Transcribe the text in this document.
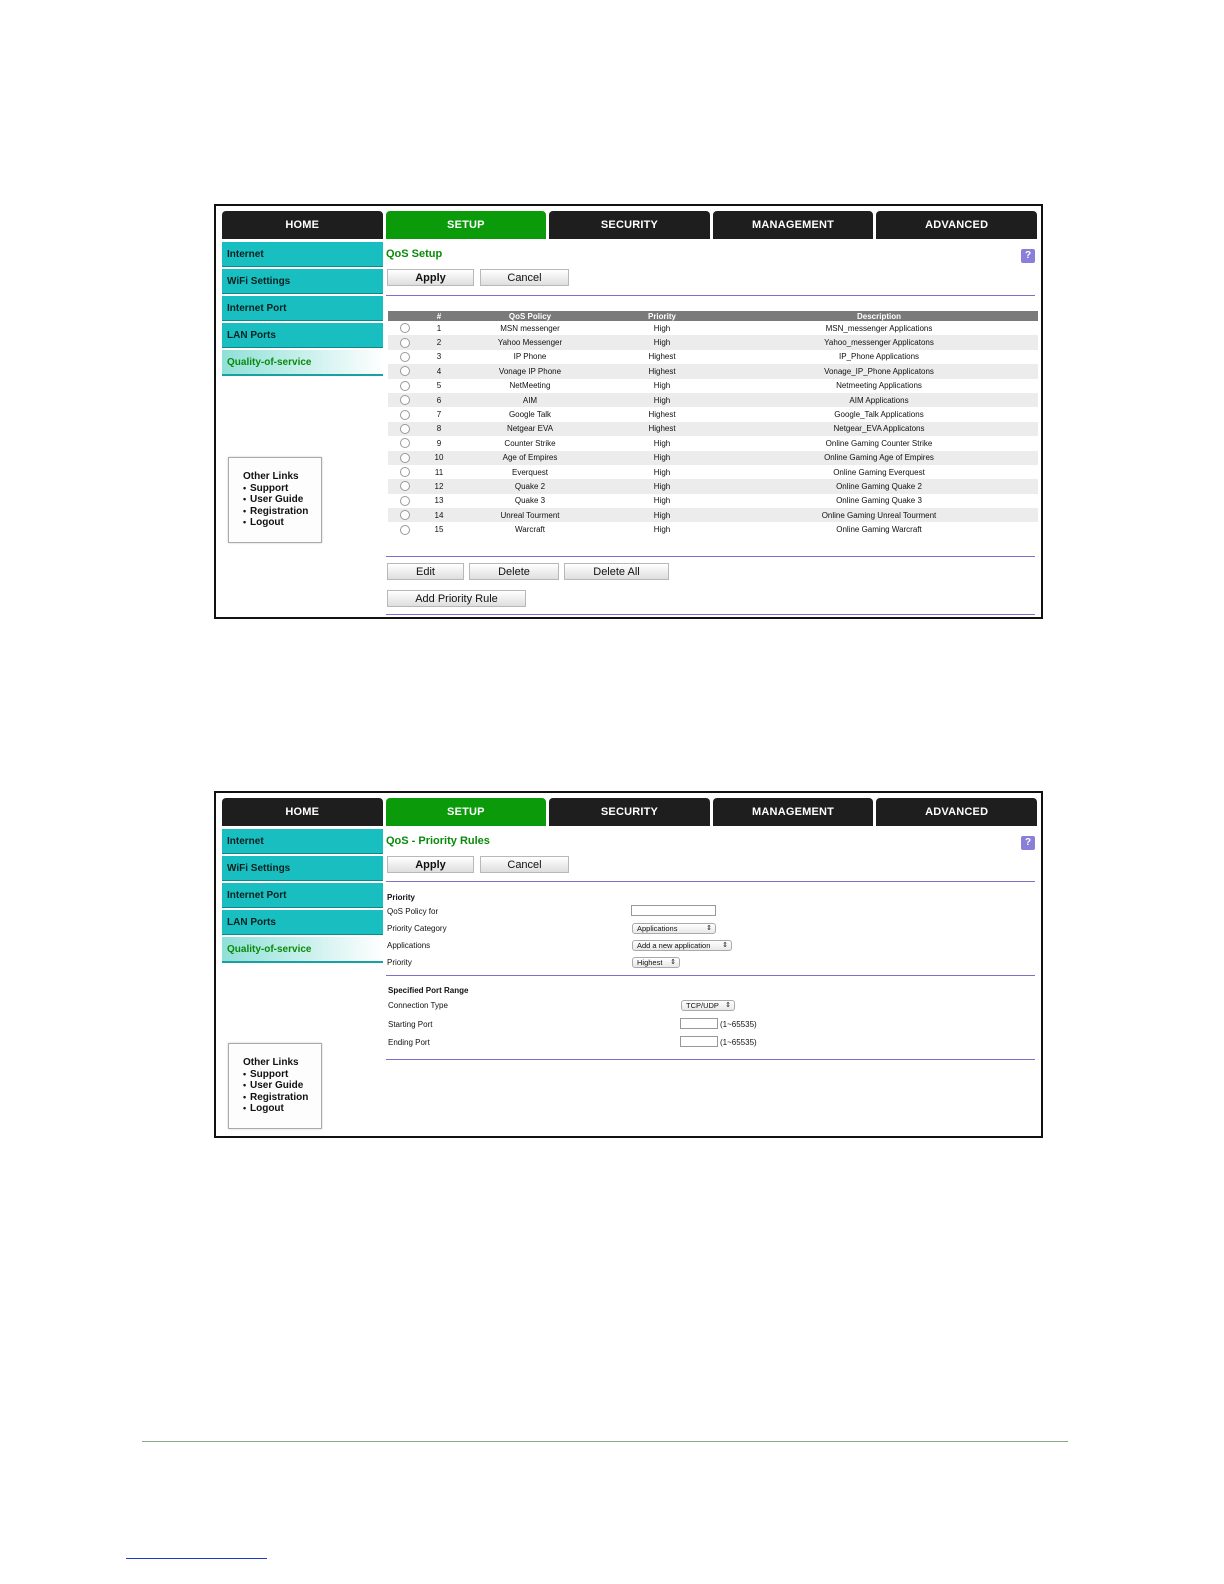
HOME	SETUP	SECURITY	MANAGEMENT	ADVANCED
Internet
WiFi Settings
Internet Port
LAN Ports
Quality-of-service
Other Links
• Support
• User Guide
• Registration
• Logout
QoS Setup	?
Apply	Cancel
	#	QoS Policy	Priority	Description
	1	MSN messenger	High	MSN_messenger Applications
	2	Yahoo Messenger	High	Yahoo_messenger Applicatons
	3	IP Phone	Highest	IP_Phone Applications
	4	Vonage IP Phone	Highest	Vonage_IP_Phone Applicatons
	5	NetMeeting	High	Netmeeting Applications
	6	AIM	High	AIM Applications
	7	Google Talk	Highest	Google_Talk Applications
	8	Netgear EVA	Highest	Netgear_EVA Applicatons
	9	Counter Strike	High	Online Gaming Counter Strike
	10	Age of Empires	High	Online Gaming Age of Empires
	11	Everquest	High	Online Gaming Everquest
	12	Quake 2	High	Online Gaming Quake 2
	13	Quake 3	High	Online Gaming Quake 3
	14	Unreal Tourment	High	Online Gaming Unreal Tourment
	15	Warcraft	High	Online Gaming Warcraft
Edit	Delete	Delete All
Add Priority Rule
HOME	SETUP	SECURITY	MANAGEMENT	ADVANCED
Internet
WiFi Settings
Internet Port
LAN Ports
Quality-of-service
Other Links
• Support
• User Guide
• Registration
• Logout
QoS - Priority Rules	?
Apply	Cancel
Priority
QoS Policy for
Priority Category	Applications	⇕
Applications	Add a new application ⇕
Priority	Highest ⇕
Specified Port Range
Connection Type	TCP/UDP ⇕
Starting Port	(1~65535)
Ending Port	(1~65535)
